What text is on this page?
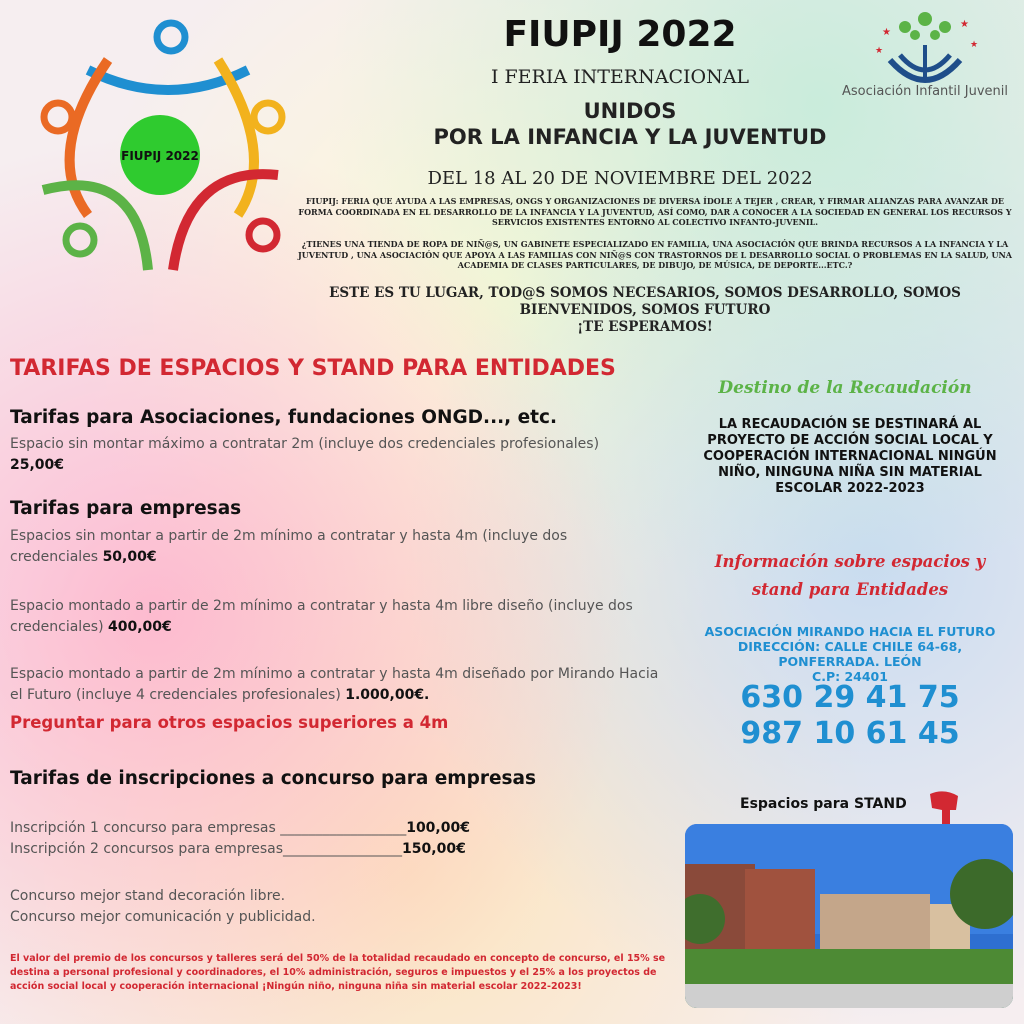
FIUPIJ 2022
FIUPIJ 2022
I FERIA INTERNACIONAL
UNIDOS
POR LA INFANCIA Y LA JUVENTUD
DEL 18 AL 20 DE NOVIEMBRE DEL 2022
★
★
★
★
Asociación Infantil Juvenil
FIUPIJ: FERIA QUE AYUDA A LAS EMPRESAS, ONGS Y ORGANIZACIONES DE DIVERSA ÍDOLE A TEJER , CREAR, Y FIRMAR ALIANZAS PARA AVANZAR DE FORMA COORDINADA EN EL DESARROLLO DE LA INFANCIA Y LA JUVENTUD, ASÍ COMO, DAR A CONOCER A LA SOCIEDAD EN GENERAL LOS RECURSOS Y SERVICIOS EXISTENTES ENTORNO AL COLECTIVO INFANTO-JUVENIL.
¿TIENES UNA TIENDA DE ROPA DE NIÑ@S, UN GABINETE ESPECIALIZADO EN FAMILIA, UNA ASOCIACIÓN QUE BRINDA RECURSOS A LA INFANCIA Y LA JUVENTUD , UNA ASOCIACIÓN QUE APOYA A LAS FAMILIAS CON NIÑ@S CON TRASTORNOS DE L DESARROLLO SOCIAL O PROBLEMAS EN LA SALUD, UNA ACADEMIA DE CLASES PARTICULARES, DE DIBUJO, DE MÚSICA, DE DEPORTE...ETC.?
ESTE ES TU LUGAR, TOD@S SOMOS NECESARIOS, SOMOS DESARROLLO, SOMOS
BIENVENIDOS, SOMOS FUTURO
¡TE ESPERAMOS!
TARIFAS DE ESPACIOS Y STAND PARA ENTIDADES
Tarifas para Asociaciones, fundaciones ONGD..., etc.
Espacio sin montar máximo a contratar 2m (incluye dos credenciales profesionales)
25,00€
Tarifas para empresas
Espacios sin montar a partir de 2m mínimo a contratar y hasta 4m (incluye dos credenciales 50,00€
Espacio montado a partir de 2m mínimo a contratar y hasta 4m libre diseño (incluye dos credenciales) 400,00€
Espacio montado a partir de 2m mínimo a contratar y hasta 4m diseñado por Mirando Hacia el Futuro (incluye 4 credenciales profesionales) 1.000,00€.
Preguntar para otros espacios superiores a 4m
Tarifas de inscripciones a concurso para empresas
Inscripción 1 concurso para empresas __________________100,00€
Inscripción 2 concursos para empresas_________________150,00€
Concurso mejor stand decoración libre.
Concurso mejor comunicación y publicidad.
El valor del premio de los concursos y talleres será del 50% de la totalidad recaudado en concepto de concurso, el 15% se destina a personal profesional y coordinadores, el 10% administración, seguros e impuestos y el 25% a los proyectos de acción social local y cooperación internacional ¡Ningún niño, ninguna niña sin material escolar 2022-2023!
Destino de la Recaudación
LA RECAUDACIÓN SE DESTINARÁ AL PROYECTO DE ACCIÓN SOCIAL LOCAL Y COOPERACIÓN INTERNACIONAL NINGÚN NIÑO, NINGUNA NIÑA SIN MATERIAL ESCOLAR 2022-2023
Información sobre espacios y
stand para Entidades
ASOCIACIÓN MIRANDO HACIA EL FUTURO
DIRECCIÓN: CALLE CHILE 64-68,
PONFERRADA. LEÓN
C.P: 24401
630 29 41 75
987 10 61 45
Espacios para STAND
